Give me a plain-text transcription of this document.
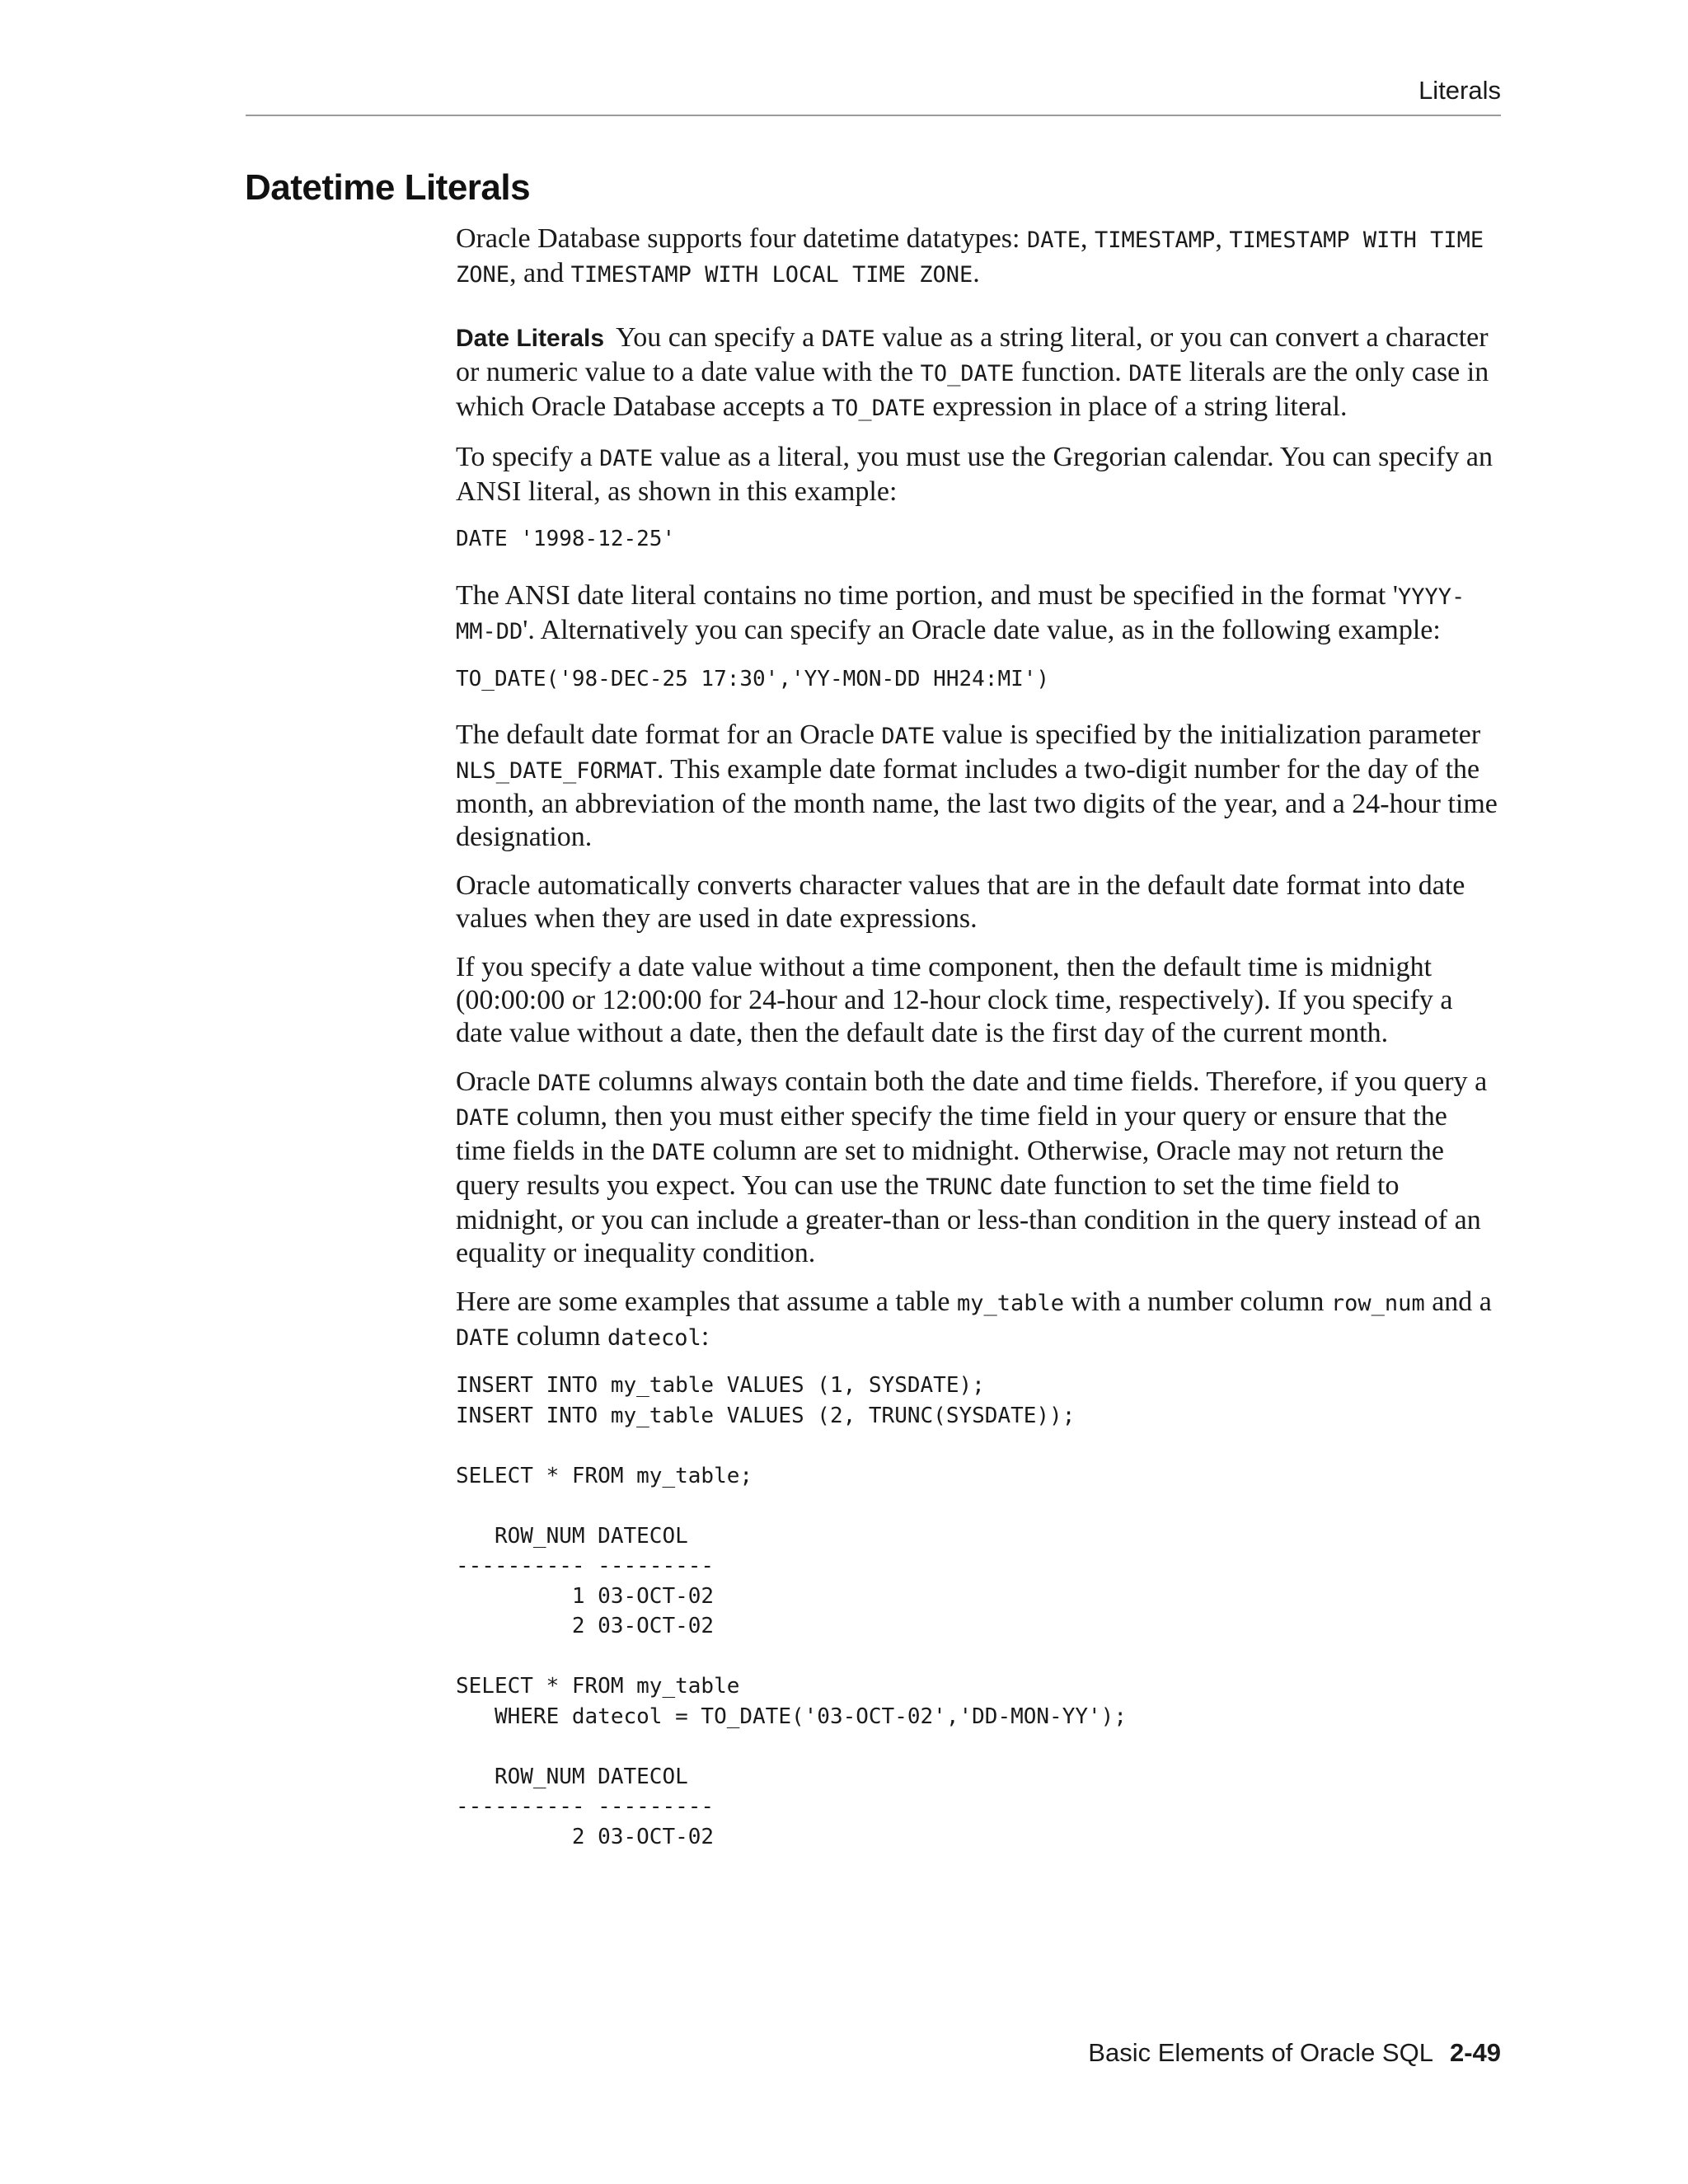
Literals
Datetime Literals

Oracle Database supports four datetime datatypes: DATE, TIMESTAMP, TIMESTAMP WITH TIME ZONE, and TIMESTAMP WITH LOCAL TIME ZONE.

Date Literals You can specify a DATE value as a string literal, or you can convert a character or numeric value to a date value with the TO_DATE function. DATE literals are the only case in which Oracle Database accepts a TO_DATE expression in place of a string literal.

To specify a DATE value as a literal, you must use the Gregorian calendar. You can specify an ANSI literal, as shown in this example:

DATE '1998-12-25'

The ANSI date literal contains no time portion, and must be specified in the format 'YYYY-MM-DD'. Alternatively you can specify an Oracle date value, as in the following example:

TO_DATE('98-DEC-25 17:30','YY-MON-DD HH24:MI')

The default date format for an Oracle DATE value is specified by the initialization parameter NLS_DATE_FORMAT. This example date format includes a two-digit number for the day of the month, an abbreviation of the month name, the last two digits of the year, and a 24-hour time designation.

Oracle automatically converts character values that are in the default date format into date values when they are used in date expressions.

If you specify a date value without a time component, then the default time is midnight (00:00:00 or 12:00:00 for 24-hour and 12-hour clock time, respectively). If you specify a date value without a date, then the default date is the first day of the current month.

Oracle DATE columns always contain both the date and time fields. Therefore, if you query a DATE column, then you must either specify the time field in your query or ensure that the time fields in the DATE column are set to midnight. Otherwise, Oracle may not return the query results you expect. You can use the TRUNC date function to set the time field to midnight, or you can include a greater-than or less-than condition in the query instead of an equality or inequality condition.

Here are some examples that assume a table my_table with a number column row_num and a DATE column datecol:

INSERT INTO my_table VALUES (1, SYSDATE);
INSERT INTO my_table VALUES (2, TRUNC(SYSDATE));

SELECT * FROM my_table;

ROW_NUM DATECOL
---------- ---------
1 03-OCT-02
2 03-OCT-02

SELECT * FROM my_table
WHERE datecol = TO_DATE('03-OCT-02','DD-MON-YY');

ROW_NUM DATECOL
---------- ---------
2 03-OCT-02
Basic Elements of Oracle SQL 2-49
